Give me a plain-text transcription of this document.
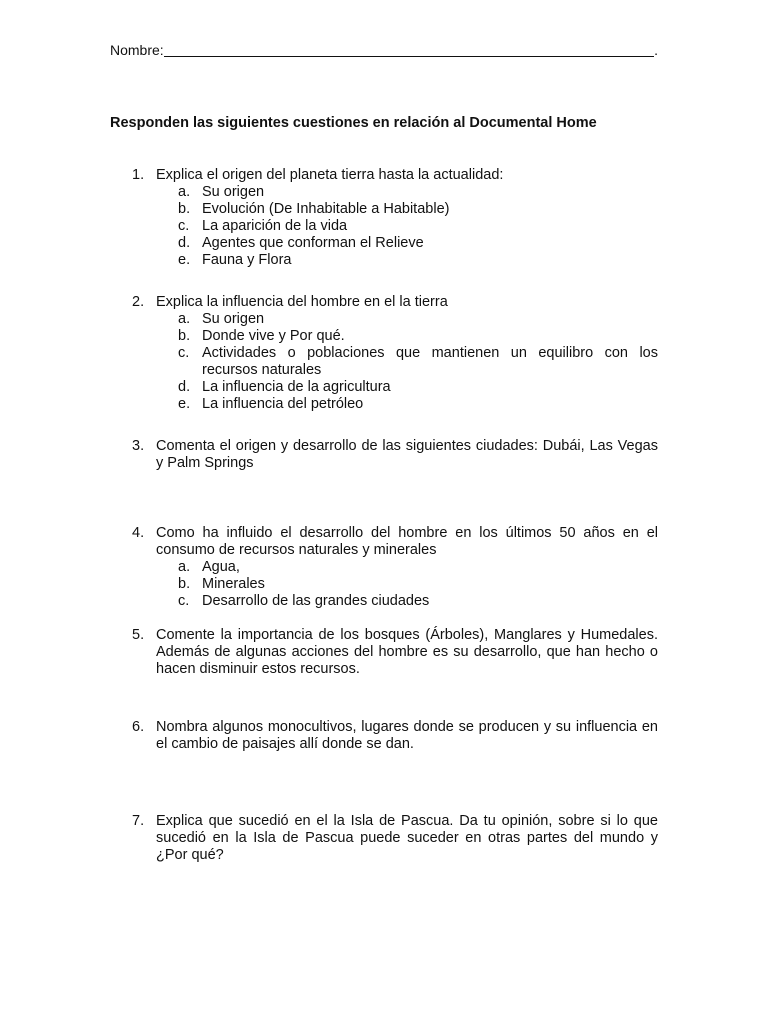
Nombre:	.
Responden las siguientes cuestiones en relación al Documental Home
1. Explica el origen del planeta tierra hasta la actualidad:
a. Su origen
b. Evolución (De Inhabitable a Habitable)
c. La aparición de la vida
d. Agentes que conforman el Relieve
e. Fauna y Flora
2. Explica la influencia del hombre en el la tierra
a. Su origen
b. Donde vive y Por qué.
c. Actividades o poblaciones que mantienen un equilibro con los recursos naturales
d. La influencia de la agricultura
e. La influencia del petróleo
3. Comenta el origen y desarrollo de las siguientes ciudades: Dubái, Las Vegas y Palm Springs
4. Como ha influido el desarrollo del hombre en los últimos 50 años en el consumo de recursos naturales y minerales
a. Agua,
b. Minerales
c. Desarrollo de las grandes ciudades
5. Comente la importancia de los bosques (Árboles), Manglares y Humedales. Además de algunas acciones del hombre es su desarrollo, que han hecho o hacen disminuir estos recursos.
6. Nombra algunos monocultivos, lugares donde se producen y su influencia en el cambio de paisajes allí donde se dan.
7. Explica que sucedió en el la Isla de Pascua. Da tu opinión, sobre si lo que sucedió en la Isla de Pascua puede suceder en otras partes del mundo y ¿Por qué?
